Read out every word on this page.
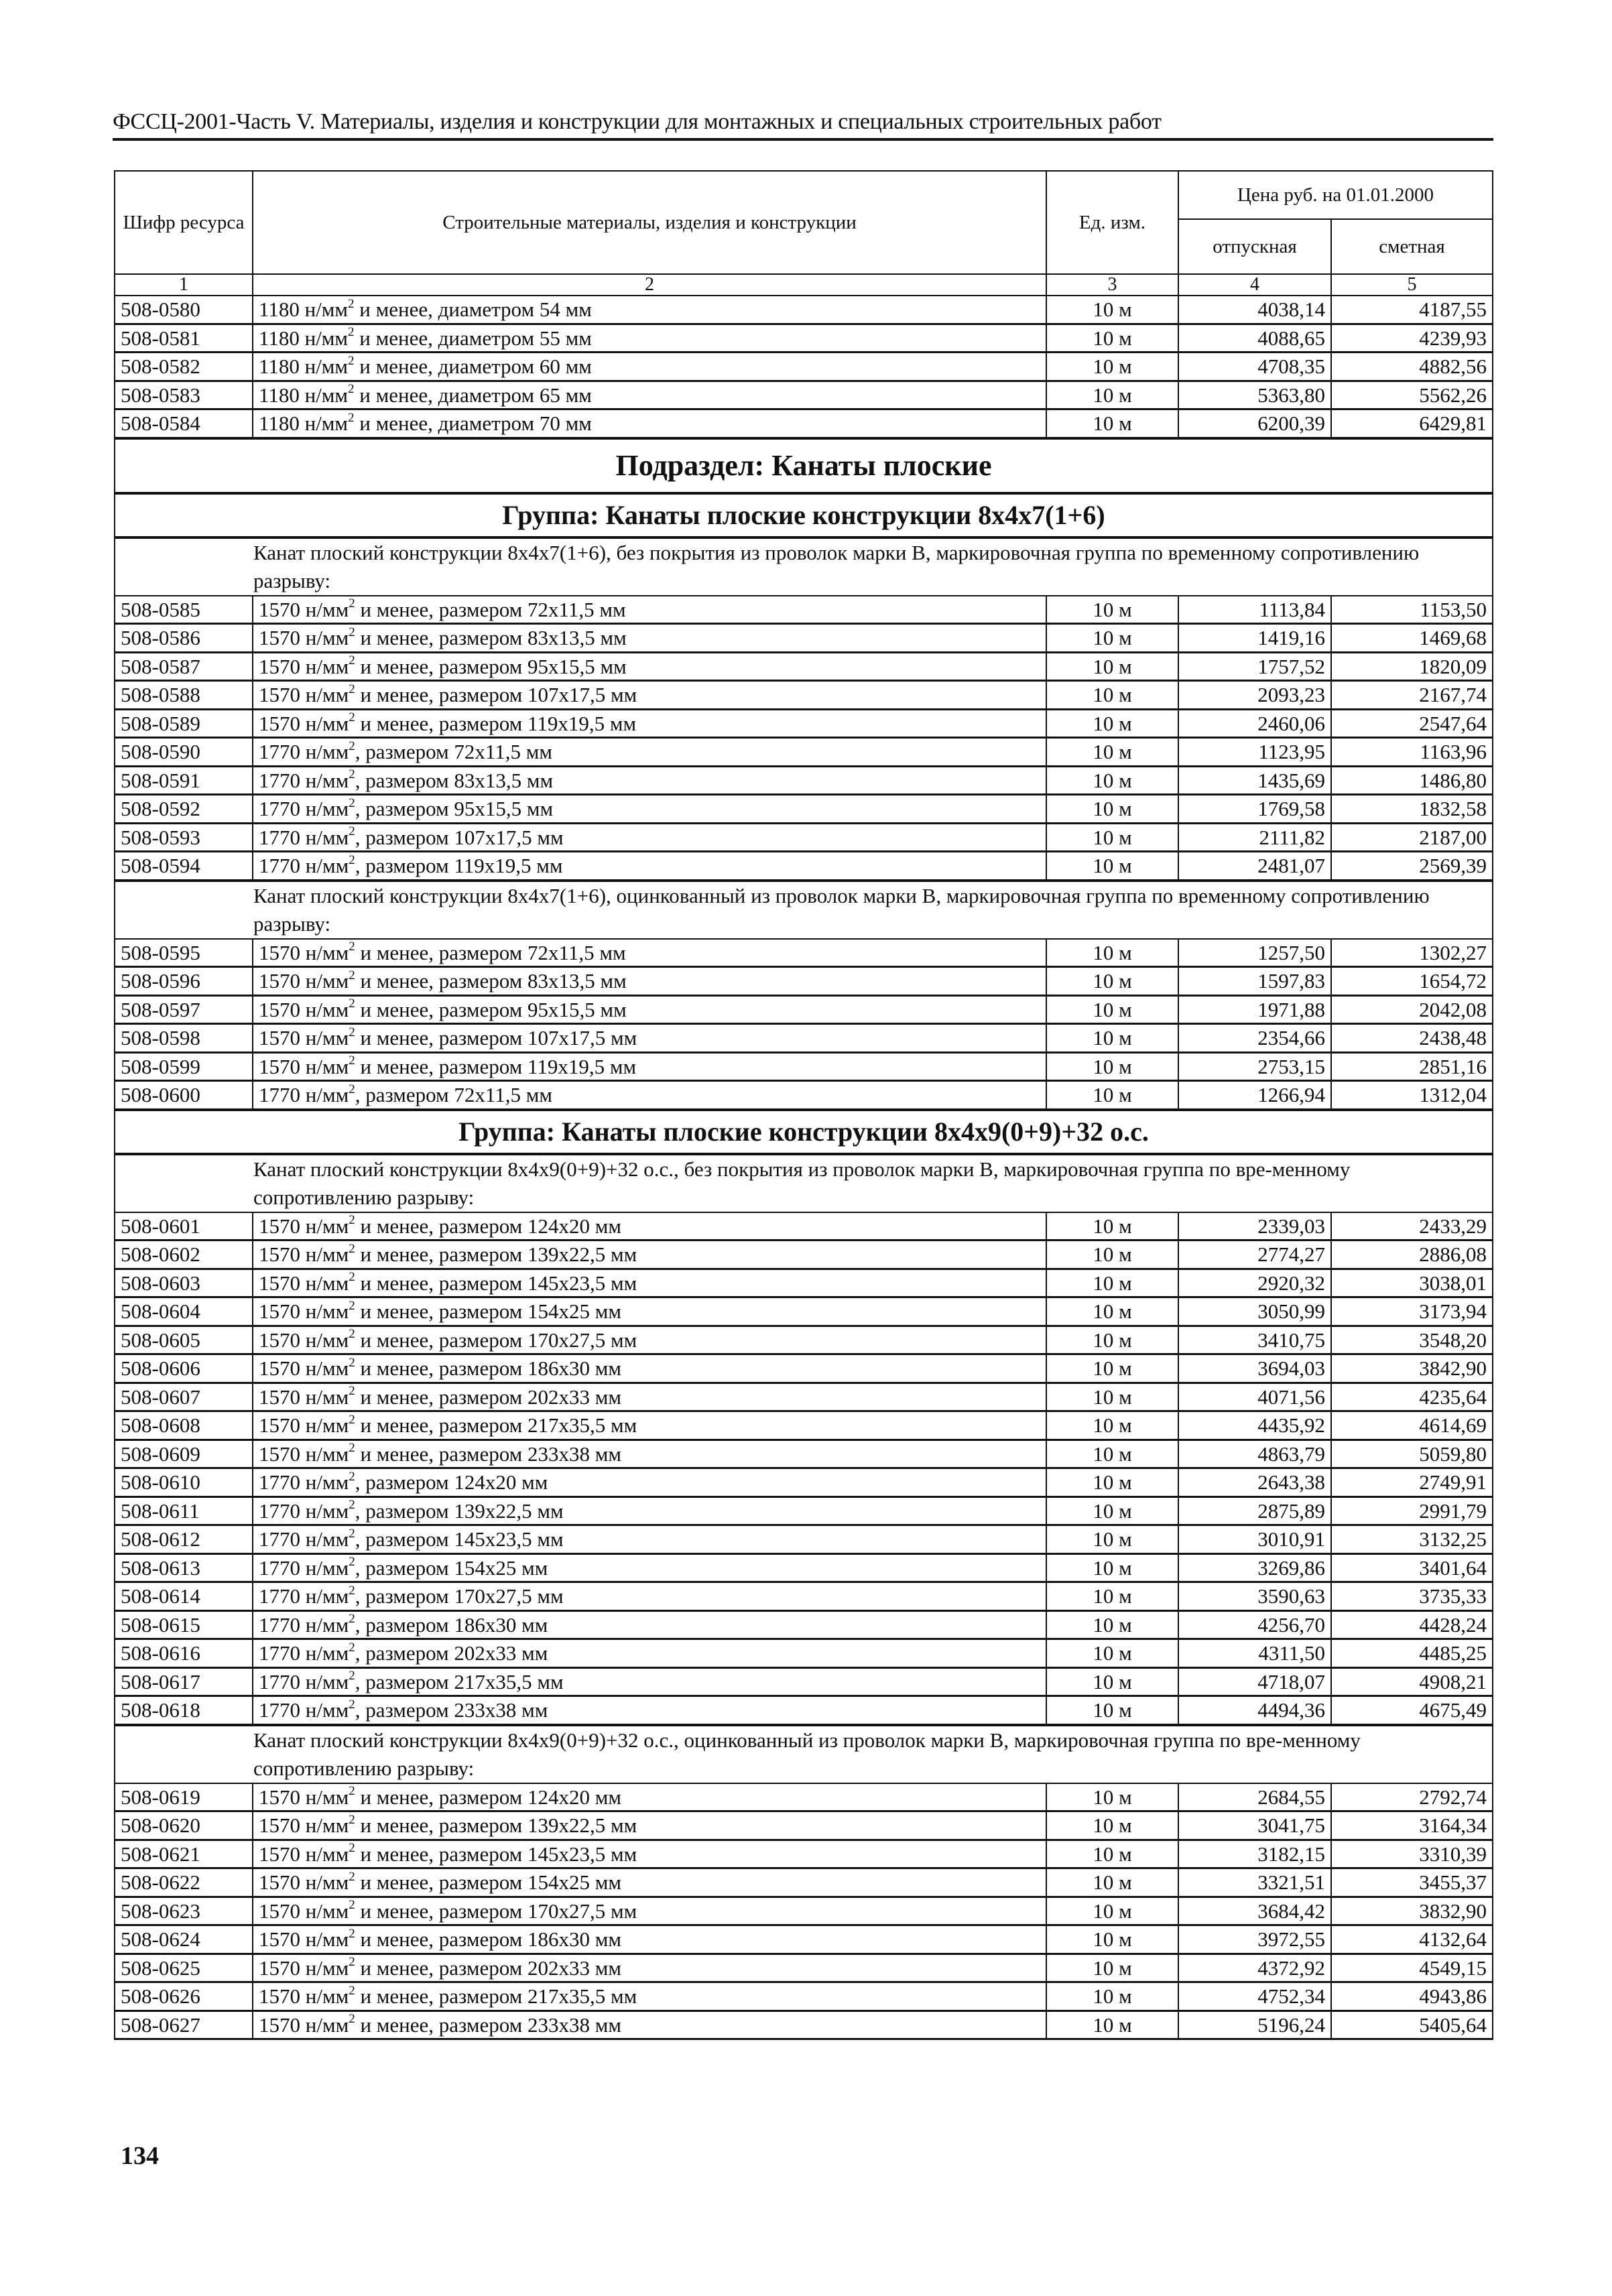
ФССЦ-2001-Часть V. Материалы, изделия и конструкции для монтажных и специальных строительных работ
Шифр ресурса	Строительные материалы, изделия и конструкции	Ед. изм.	Цена руб. на 01.01.2000	
			отпускная	сметная
1	2	3	4	5
508-0580	1180 $н/мм^2$ и менее, диаметром 54 мм	10 м	4038,14	4187,55
508-0581	1180 $н/мм^2$ и менее, диаметром 55 мм	10 м	4088,65	4239,93
508-0582	1180 $н/мм^2$ и менее, диаметром 60 мм	10 м	4708,35	4882,56
508-0583	1180 $н/мм^2$ и менее, диаметром 65 мм	10 м	5363,80	5562,26
508-0584	1180 $н/мм^2$ и менее, диаметром 70 мм	10 м	6200,39	6429,81
Подраздел: Канаты плоские				
Группа: Канаты плоские конструкции 8х4х7(1+6)				
Канат плоский конструкции 8х4х7(1+6), без покрытия из проволок марки В, маркировочная группа по временному сопротивлению разрыву:				
508-0585	1570 $н/мм^2$ и менее, размером 72х11,5 мм	10 м	1113,84	1153,50
508-0586	1570 $н/мм^2$ и менее, размером 83х13,5 мм	10 м	1419,16	1469,68
508-0587	1570 $н/мм^2$ и менее, размером 95х15,5 мм	10 м	1757,52	1820,09
508-0588	1570 $н/мм^2$ и менее, размером 107х17,5 мм	10 м	2093,23	2167,74
508-0589	1570 $н/мм^2$ и менее, размером 119х19,5 мм	10 м	2460,06	2547,64
508-0590	1770 $н/мм^2$, размером 72х11,5 мм	10 м	1123,95	1163,96
508-0591	1770 $н/мм^2$, размером 83х13,5 мм	10 м	1435,69	1486,80
508-0592	1770 $н/мм^2$, размером 95х15,5 мм	10 м	1769,58	1832,58
508-0593	1770 $н/мм^2$, размером 107х17,5 мм	10 м	2111,82	2187,00
508-0594	1770 $н/мм^2$, размером 119х19,5 мм	10 м	2481,07	2569,39
Канат плоский конструкции 8х4х7(1+6), оцинкованный из проволок марки В, маркировочная группа по временному сопротивлению разрыву:				
508-0595	1570 $н/мм^2$ и менее, размером 72х11,5 мм	10 м	1257,50	1302,27
508-0596	1570 $н/мм^2$ и менее, размером 83х13,5 мм	10 м	1597,83	1654,72
508-0597	1570 $н/мм^2$ и менее, размером 95х15,5 мм	10 м	1971,88	2042,08
508-0598	1570 $н/мм^2$ и менее, размером 107х17,5 мм	10 м	2354,66	2438,48
508-0599	1570 $н/мм^2$ и менее, размером 119х19,5 мм	10 м	2753,15	2851,16
508-0600	1770 $н/мм^2$, размером 72х11,5 мм	10 м	1266,94	1312,04
Группа: Канаты плоские конструкции 8х4х9(0+9)+32 о.с.				
Канат плоский конструкции 8х4х9(0+9)+32 о.с., без покрытия из проволок марки В, маркировочная группа по вре-менному сопротивлению разрыву:				
508-0601	1570 $н/мм^2$ и менее, размером 124х20 мм	10 м	2339,03	2433,29
508-0602	1570 $н/мм^2$ и менее, размером 139х22,5 мм	10 м	2774,27	2886,08
508-0603	1570 $н/мм^2$ и менее, размером 145х23,5 мм	10 м	2920,32	3038,01
508-0604	1570 $н/мм^2$ и менее, размером 154х25 мм	10 м	3050,99	3173,94
508-0605	1570 $н/мм^2$ и менее, размером 170х27,5 мм	10 м	3410,75	3548,20
508-0606	1570 $н/мм^2$ и менее, размером 186х30 мм	10 м	3694,03	3842,90
508-0607	1570 $н/мм^2$ и менее, размером 202х33 мм	10 м	4071,56	4235,64
508-0608	1570 $н/мм^2$ и менее, размером 217х35,5 мм	10 м	4435,92	4614,69
508-0609	1570 $н/мм^2$ и менее, размером 233х38 мм	10 м	4863,79	5059,80
508-0610	1770 $н/мм^2$, размером 124х20 мм	10 м	2643,38	2749,91
508-0611	1770 $н/мм^2$, размером 139х22,5 мм	10 м	2875,89	2991,79
508-0612	1770 $н/мм^2$, размером 145х23,5 мм	10 м	3010,91	3132,25
508-0613	1770 $н/мм^2$, размером 154х25 мм	10 м	3269,86	3401,64
508-0614	1770 $н/мм^2$, размером 170х27,5 мм	10 м	3590,63	3735,33
508-0615	1770 $н/мм^2$, размером 186х30 мм	10 м	4256,70	4428,24
508-0616	1770 $н/мм^2$, размером 202х33 мм	10 м	4311,50	4485,25
508-0617	1770 $н/мм^2$, размером 217х35,5 мм	10 м	4718,07	4908,21
508-0618	1770 $н/мм^2$, размером 233х38 мм	10 м	4494,36	4675,49
Канат плоский конструкции 8х4х9(0+9)+32 о.с., оцинкованный из проволок марки В, маркировочная группа по вре-менному сопротивлению разрыву:				
508-0619	1570 $н/мм^2$ и менее, размером 124х20 мм	10 м	2684,55	2792,74
508-0620	1570 $н/мм^2$ и менее, размером 139х22,5 мм	10 м	3041,75	3164,34
508-0621	1570 $н/мм^2$ и менее, размером 145х23,5 мм	10 м	3182,15	3310,39
508-0622	1570 $н/мм^2$ и менее, размером 154х25 мм	10 м	3321,51	3455,37
508-0623	1570 $н/мм^2$ и менее, размером 170х27,5 мм	10 м	3684,42	3832,90
508-0624	1570 $н/мм^2$ и менее, размером 186х30 мм	10 м	3972,55	4132,64
508-0625	1570 $н/мм^2$ и менее, размером 202х33 мм	10 м	4372,92	4549,15
508-0626	1570 $н/мм^2$ и менее, размером 217х35,5 мм	10 м	4752,34	4943,86
508-0627	1570 $н/мм^2$ и менее, размером 233х38 мм	10 м	5196,24	5405,64
134
